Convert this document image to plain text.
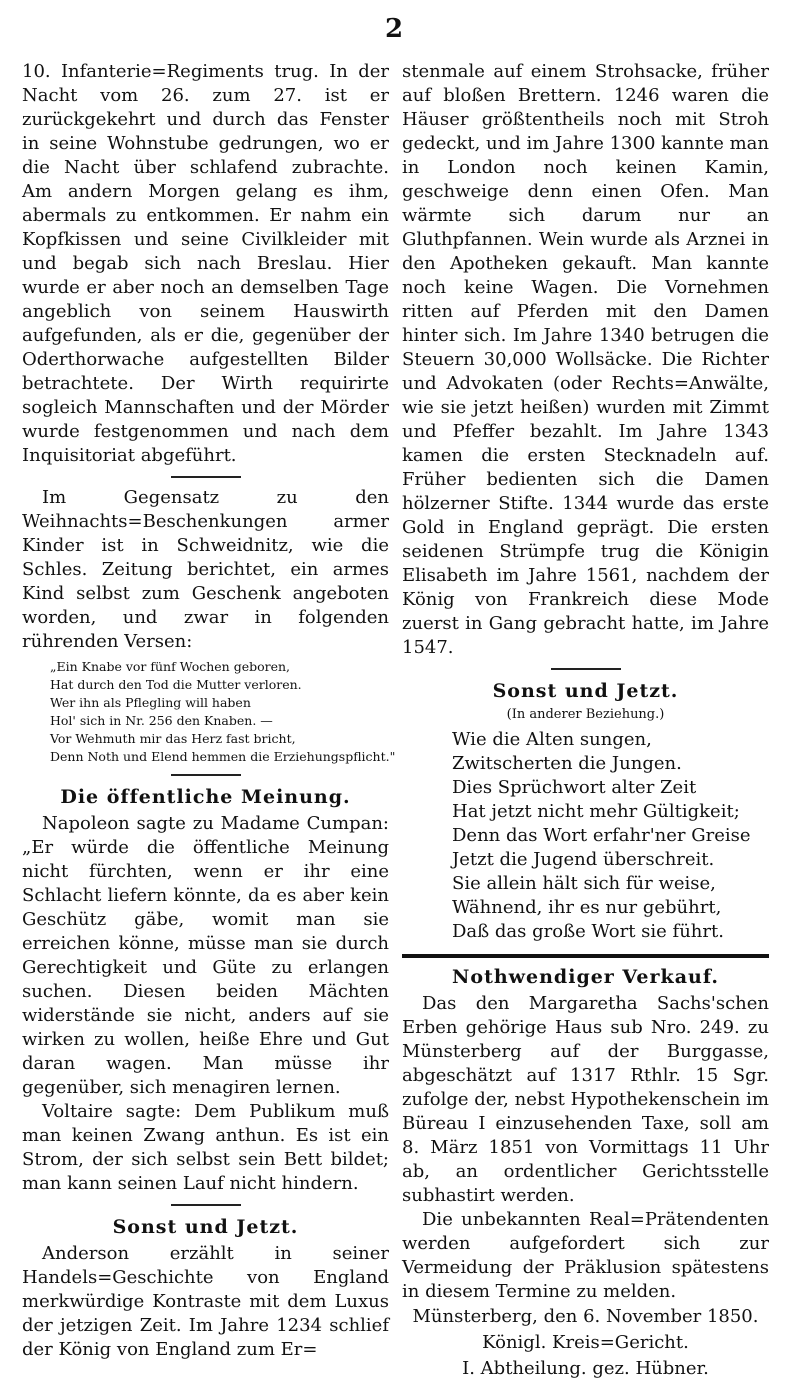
2

10. Infanterie=Regiments trug. In der Nacht vom 26. zum 27. ist er zurückgekehrt und durch das Fenster in seine Wohnstube gedrungen, wo er die Nacht über schlafend zubrachte. Am andern Morgen gelang es ihm, abermals zu entkommen. Er nahm ein Kopfkissen und seine Civilkleider mit und begab sich nach Breslau. Hier wurde er aber noch an demselben Tage angeblich von seinem Hauswirth aufgefunden, als er die, gegenüber der Oderthorwache aufgestellten Bilder betrachtete. Der Wirth requirirte sogleich Mannschaften und der Mörder wurde festgenommen und nach dem Inquisitoriat abgeführt.

Im Gegensatz zu den Weihnachts=Beschenkungen armer Kinder ist in Schweidnitz, wie die Schles. Zeitung berichtet, ein armes Kind selbst zum Geschenk angeboten worden, und zwar in folgenden rührenden Versen:

„Ein Knabe vor fünf Wochen geboren,
Hat durch den Tod die Mutter verloren.
Wer ihn als Pflegling will haben
Hol' sich in Nr. 256 den Knaben. —
Vor Wehmuth mir das Herz fast bricht,
Denn Noth und Elend hemmen die Erziehungspflicht."
Die öffentliche Meinung.

Napoleon sagte zu Madame Cumpan: „Er würde die öffentliche Meinung nicht fürchten, wenn er ihr eine Schlacht liefern könnte, da es aber kein Geschütz gäbe, womit man sie erreichen könne, müsse man sie durch Gerechtigkeit und Güte zu erlangen suchen. Diesen beiden Mächten widerstände sie nicht, anders auf sie wirken zu wollen, heiße Ehre und Gut daran wagen. Man müsse ihr gegenüber, sich menagiren lernen.

Voltaire sagte: Dem Publikum muß man keinen Zwang anthun. Es ist ein Strom, der sich selbst sein Bett bildet; man kann seinen Lauf nicht hindern.

Sonst und Jetzt.

Anderson erzählt in seiner Handels=Geschichte von England merkwürdige Kontraste mit dem Luxus der jetzigen Zeit. Im Jahre 1234 schlief der König von England zum Er=

stenmale auf einem Strohsacke, früher auf bloßen Brettern. 1246 waren die Häuser größtentheils noch mit Stroh gedeckt, und im Jahre 1300 kannte man in London noch keinen Kamin, geschweige denn einen Ofen. Man wärmte sich darum nur an Gluthpfannen. Wein wurde als Arznei in den Apotheken gekauft. Man kannte noch keine Wagen. Die Vornehmen ritten auf Pferden mit den Damen hinter sich. Im Jahre 1340 betrugen die Steuern 30,000 Wollsäcke. Die Richter und Advokaten (oder Rechts=Anwälte, wie sie jetzt heißen) wurden mit Zimmt und Pfeffer bezahlt. Im Jahre 1343 kamen die ersten Stecknadeln auf. Früher bedienten sich die Damen hölzerner Stifte. 1344 wurde das erste Gold in England geprägt. Die ersten seidenen Strümpfe trug die Königin Elisabeth im Jahre 1561, nachdem der König von Frankreich diese Mode zuerst in Gang gebracht hatte, im Jahre 1547.

Sonst und Jetzt.
(In anderer Beziehung.)
Wie die Alten sungen,
Zwitscherten die Jungen.
Dies Sprüchwort alter Zeit
Hat jetzt nicht mehr Gültigkeit;
Denn das Wort erfahr'ner Greise
Jetzt die Jugend überschreit.
Sie allein hält sich für weise,
Wähnend, ihr es nur gebührt,
Daß das große Wort sie führt.
Nothwendiger Verkauf.

Das den Margaretha Sachs'schen Erben gehörige Haus sub Nro. 249. zu Münsterberg auf der Burggasse, abgeschätzt auf 1317 Rthlr. 15 Sgr. zufolge der, nebst Hypothekenschein im Büreau I einzusehenden Taxe, soll am 8. März 1851 von Vormittags 11 Uhr ab, an ordentlicher Gerichtsstelle subhastirt werden.

Die unbekannten Real=Prätendenten werden aufgefordert sich zur Vermeidung der Präklusion spätestens in diesem Termine zu melden.

Münsterberg, den 6. November 1850.
Königl. Kreis=Gericht.
I. Abtheilung. gez. Hübner.
